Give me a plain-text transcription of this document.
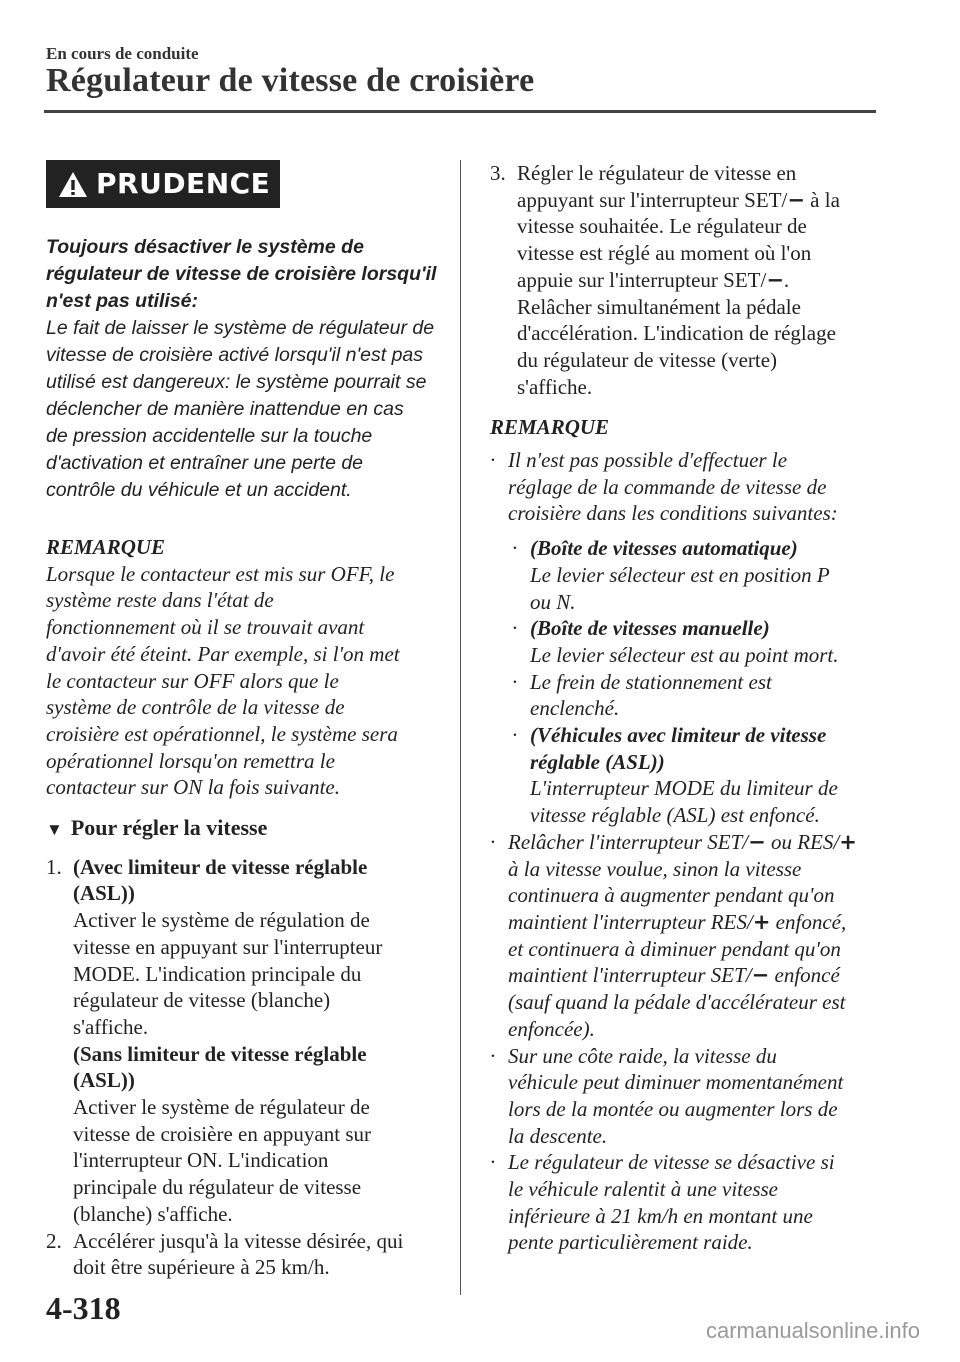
En cours de conduite
Régulateur de vitesse de croisière
PRUDENCE
Toujours désactiver le système de
régulateur de vitesse de croisière lorsqu'il
n'est pas utilisé:
Le fait de laisser le système de régulateur de
vitesse de croisière activé lorsqu'il n'est pas
utilisé est dangereux: le système pourrait se
déclencher de manière inattendue en cas
de pression accidentelle sur la touche
d'activation et entraîner une perte de
contrôle du véhicule et un accident.
REMARQUE
Lorsque le contacteur est mis sur OFF, le
système reste dans l'état de
fonctionnement où il se trouvait avant
d'avoir été éteint. Par exemple, si l'on met
le contacteur sur OFF alors que le
système de contrôle de la vitesse de
croisière est opérationnel, le système sera
opérationnel lorsqu'on remettra le
contacteur sur ON la fois suivante.
▼ Pour régler la vitesse
1. (Avec limiteur de vitesse réglable
(ASL))
Activer le système de régulation de
vitesse en appuyant sur l'interrupteur
MODE. L'indication principale du
régulateur de vitesse (blanche)
s'affiche.
(Sans limiteur de vitesse réglable
(ASL))
Activer le système de régulateur de
vitesse de croisière en appuyant sur
l'interrupteur ON. L'indication
principale du régulateur de vitesse
(blanche) s'affiche.
2. Accélérer jusqu'à la vitesse désirée, qui
doit être supérieure à 25 km/h.
3. Régler le régulateur de vitesse en
appuyant sur l'interrupteur SET/− à la
vitesse souhaitée. Le régulateur de
vitesse est réglé au moment où l'on
appuie sur l'interrupteur SET/−.
Relâcher simultanément la pédale
d'accélération. L'indication de réglage
du régulateur de vitesse (verte)
s'affiche.
REMARQUE
· Il n'est pas possible d'effectuer le
réglage de la commande de vitesse de
croisière dans les conditions suivantes:
· (Boîte de vitesses automatique)
Le levier sélecteur est en position P
ou N.
· (Boîte de vitesses manuelle)
Le levier sélecteur est au point mort.
· Le frein de stationnement est
enclenché.
· (Véhicules avec limiteur de vitesse
réglable (ASL))
L'interrupteur MODE du limiteur de
vitesse réglable (ASL) est enfoncé.
· Relâcher l'interrupteur SET/− ou RES/+
à la vitesse voulue, sinon la vitesse
continuera à augmenter pendant qu'on
maintient l'interrupteur RES/+ enfoncé,
et continuera à diminuer pendant qu'on
maintient l'interrupteur SET/− enfoncé
(sauf quand la pédale d'accélérateur est
enfoncée).
· Sur une côte raide, la vitesse du
véhicule peut diminuer momentanément
lors de la montée ou augmenter lors de
la descente.
· Le régulateur de vitesse se désactive si
le véhicule ralentit à une vitesse
inférieure à 21 km/h en montant une
pente particulièrement raide.
4-318
carmanualsonline.info
